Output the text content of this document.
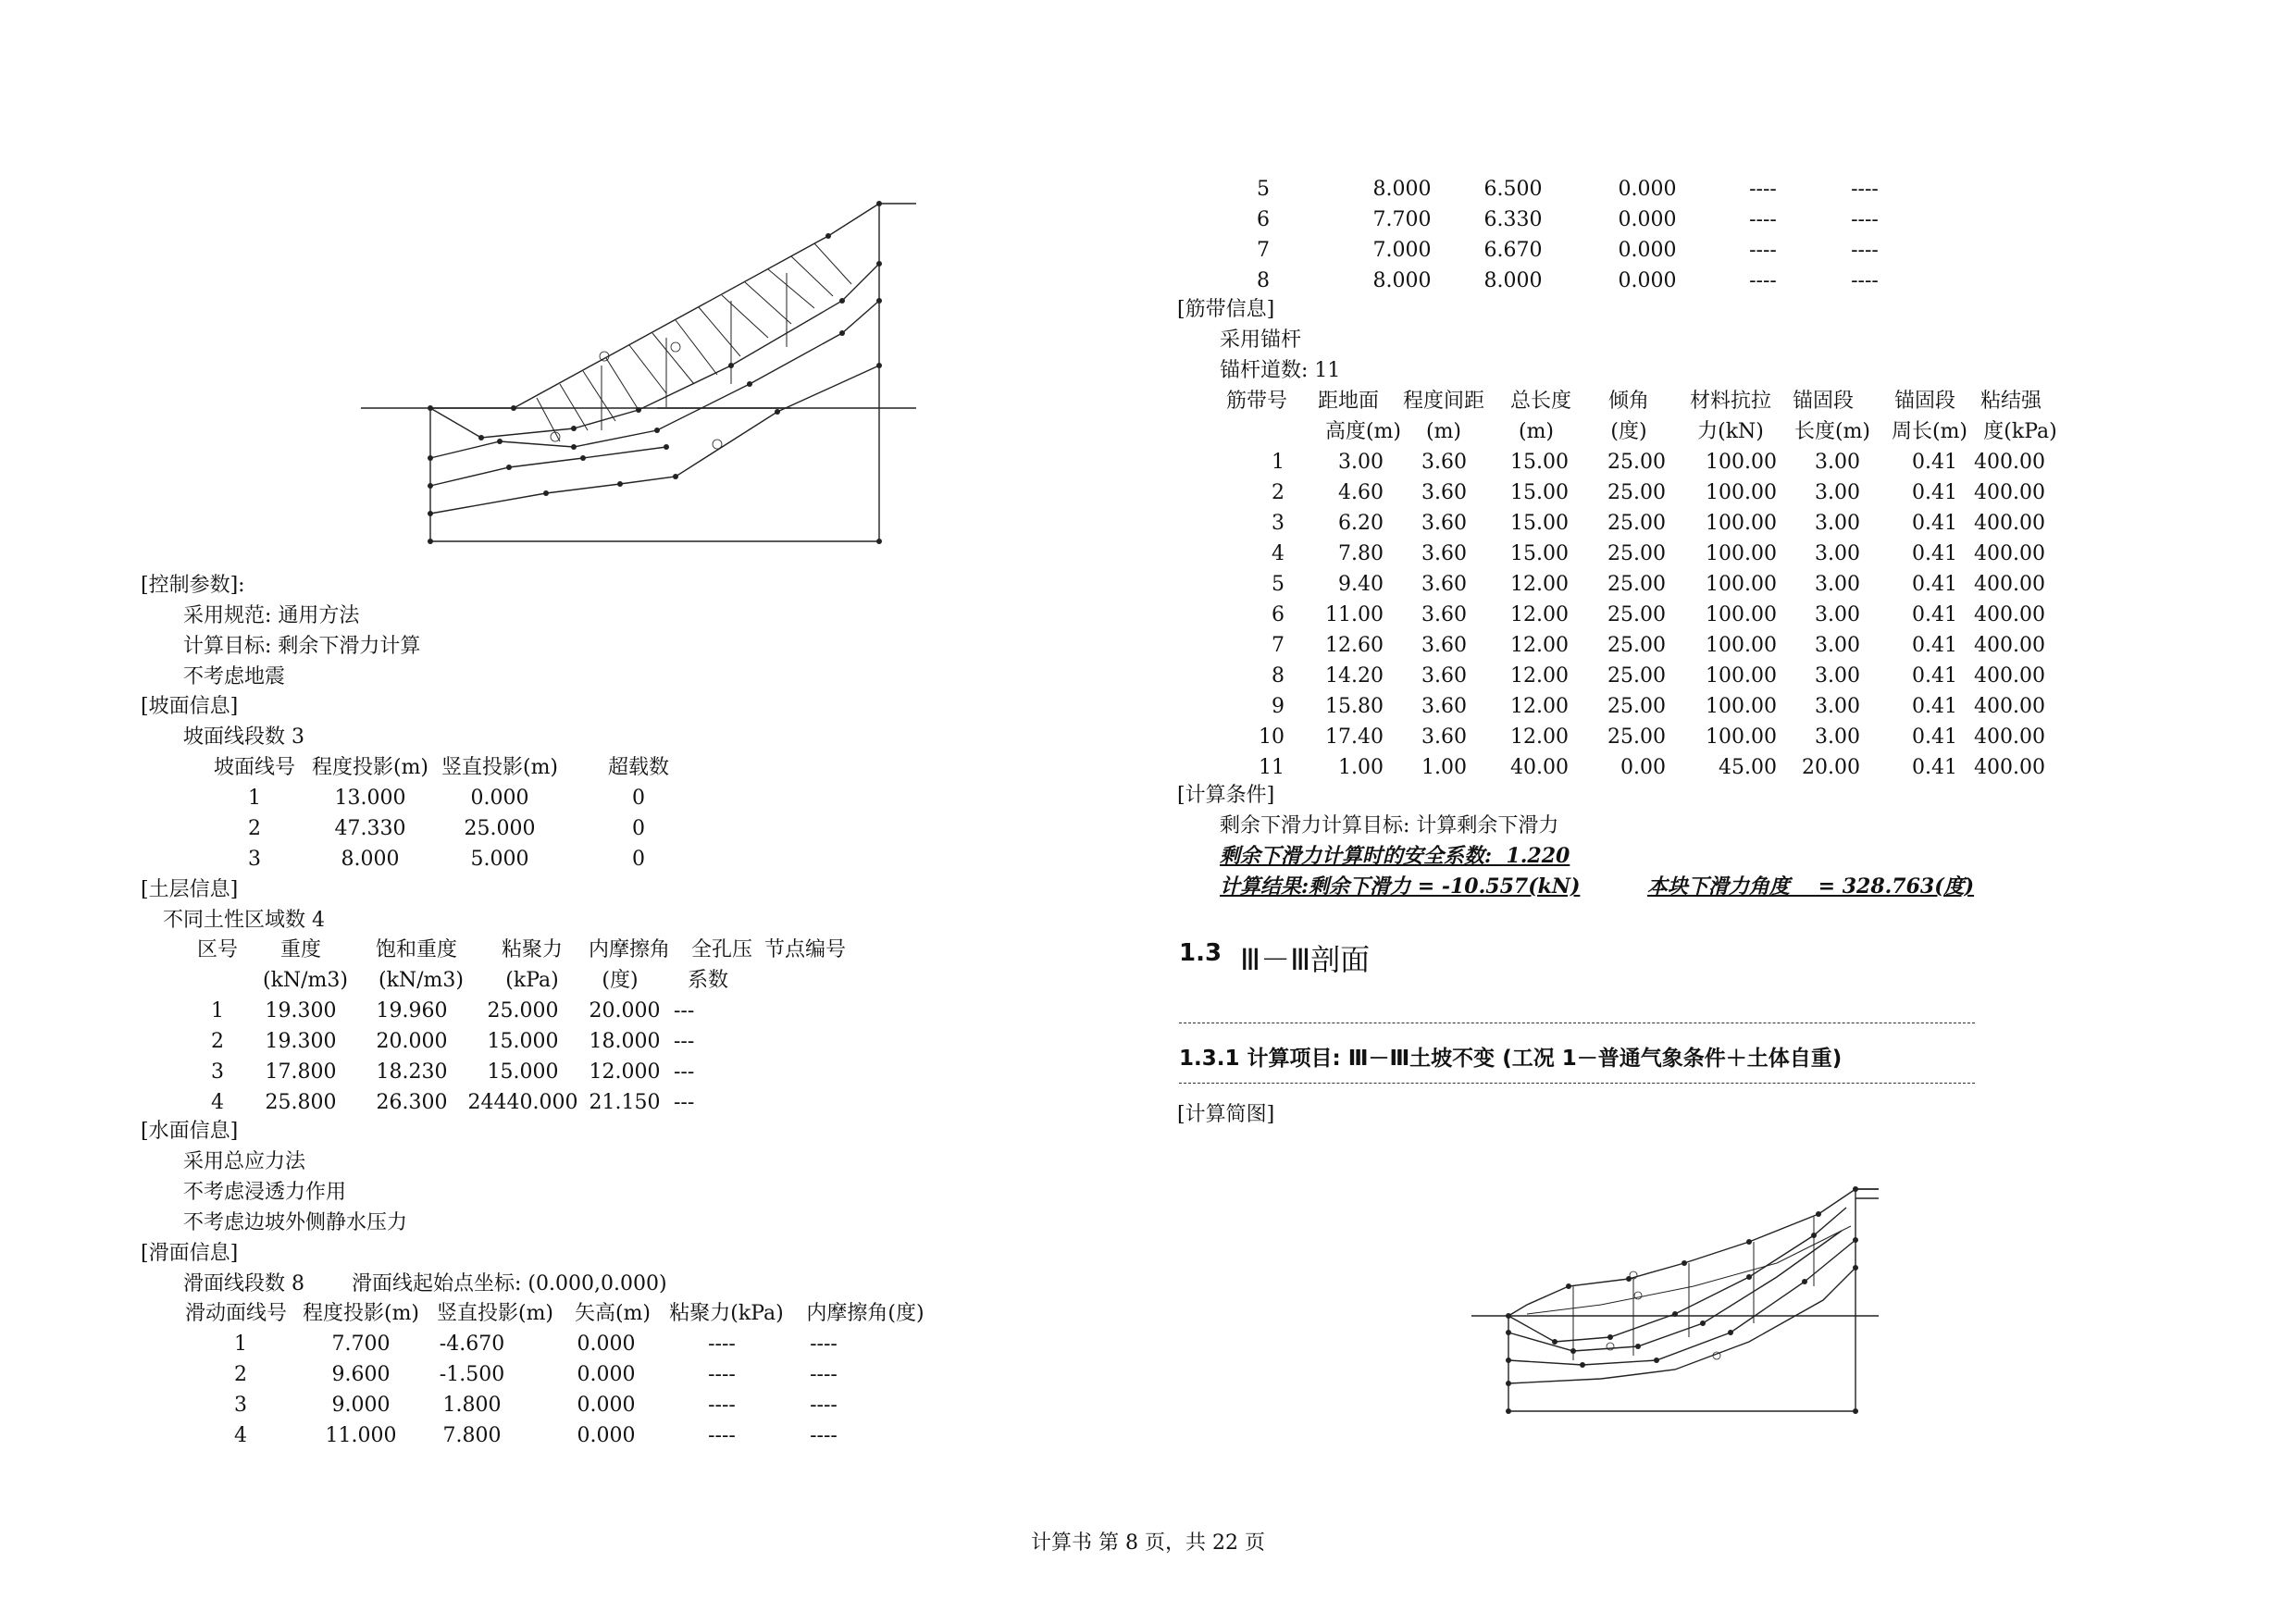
[控制参数]:
采用规范: 通用方法
计算目标: 剩余下滑力计算
不考虑地震
[坡面信息]
坡面线段数 3
坡面线号 程度投影(m) 竖直投影(m)	超载数
1	13.000	0.000	0
2	47.330	25.000	0
3	8.000	5.000	0
[土层信息]
不同土性区域数 4
区号	重度	饱和重度	粘聚力	内摩擦角	全孔压 节点编号
(kN/m3) (kN/m3)	(kPa)	(度)	系数
1	19.300	19.960	25.000	20.000 ---
2	19.300	20.000	15.000	18.000 ---
3	17.800	18.230	15.000	12.000 ---
4	25.800	26.300	24440.000 21.150 ---
[水面信息]
采用总应力法
不考虑浸透力作用
不考虑边坡外侧静水压力
[滑面信息]
滑面线段数 8 滑面线起始点坐标: (0.000,0.000)
滑动面线号 程度投影(m) 竖直投影(m)	矢高(m) 粘聚力(kPa)	内摩擦角(度)
1	7.700	-4.670	0.000	----	----
2	9.600	-1.500	0.000	----	----
3	9.000	1.800	0.000	----	----
4	11.000	7.800	0.000	----	----
5	8.000	6.500	0.000	----	----
6	7.700	6.330	0.000	----	----
7	7.000	6.670	0.000	----	----
8	8.000	8.000	0.000	----	----
[筋带信息]
采用锚杆
锚杆道数: 11
筋带号	距地面	程度间距	总长度	倾角	材料抗拉	锚固段	锚固段	粘结强
高度(m)	(m)	(m)	(度)	力(kN)	长度(m)	周长(m) 度(kPa)
1	3.00	3.60	15.00	25.00	100.00	3.00	0.41 400.00
2	4.60	3.60	15.00	25.00	100.00	3.00	0.41 400.00
3	6.20	3.60	15.00	25.00	100.00	3.00	0.41 400.00
4	7.80	3.60	15.00	25.00	100.00	3.00	0.41 400.00
5	9.40	3.60	12.00	25.00	100.00	3.00	0.41 400.00
6	11.00	3.60	12.00	25.00	100.00	3.00	0.41 400.00
7	12.60	3.60	12.00	25.00	100.00	3.00	0.41 400.00
8	14.20	3.60	12.00	25.00	100.00	3.00	0.41 400.00
9	15.80	3.60	12.00	25.00	100.00	3.00	0.41 400.00
10	17.40	3.60	12.00	25.00	100.00	3.00	0.41 400.00
11	1.00	1.00	40.00	0.00	45.00	20.00	0.41 400.00
[计算条件]
剩余下滑力计算目标: 计算剩余下滑力
剩余下滑力计算时的安全系数:  1.220
计算结果:剩余下滑力 = -10.557(kN)	本块下滑力角度    = 328.763(度)
1.3 Ⅲ－Ⅲ剖面
1.3.1 计算项目: Ⅲ－Ⅲ土坡不变 (工况 1－普通气象条件＋土体自重)
[计算简图]
计算书 第 8 页，共 22 页
